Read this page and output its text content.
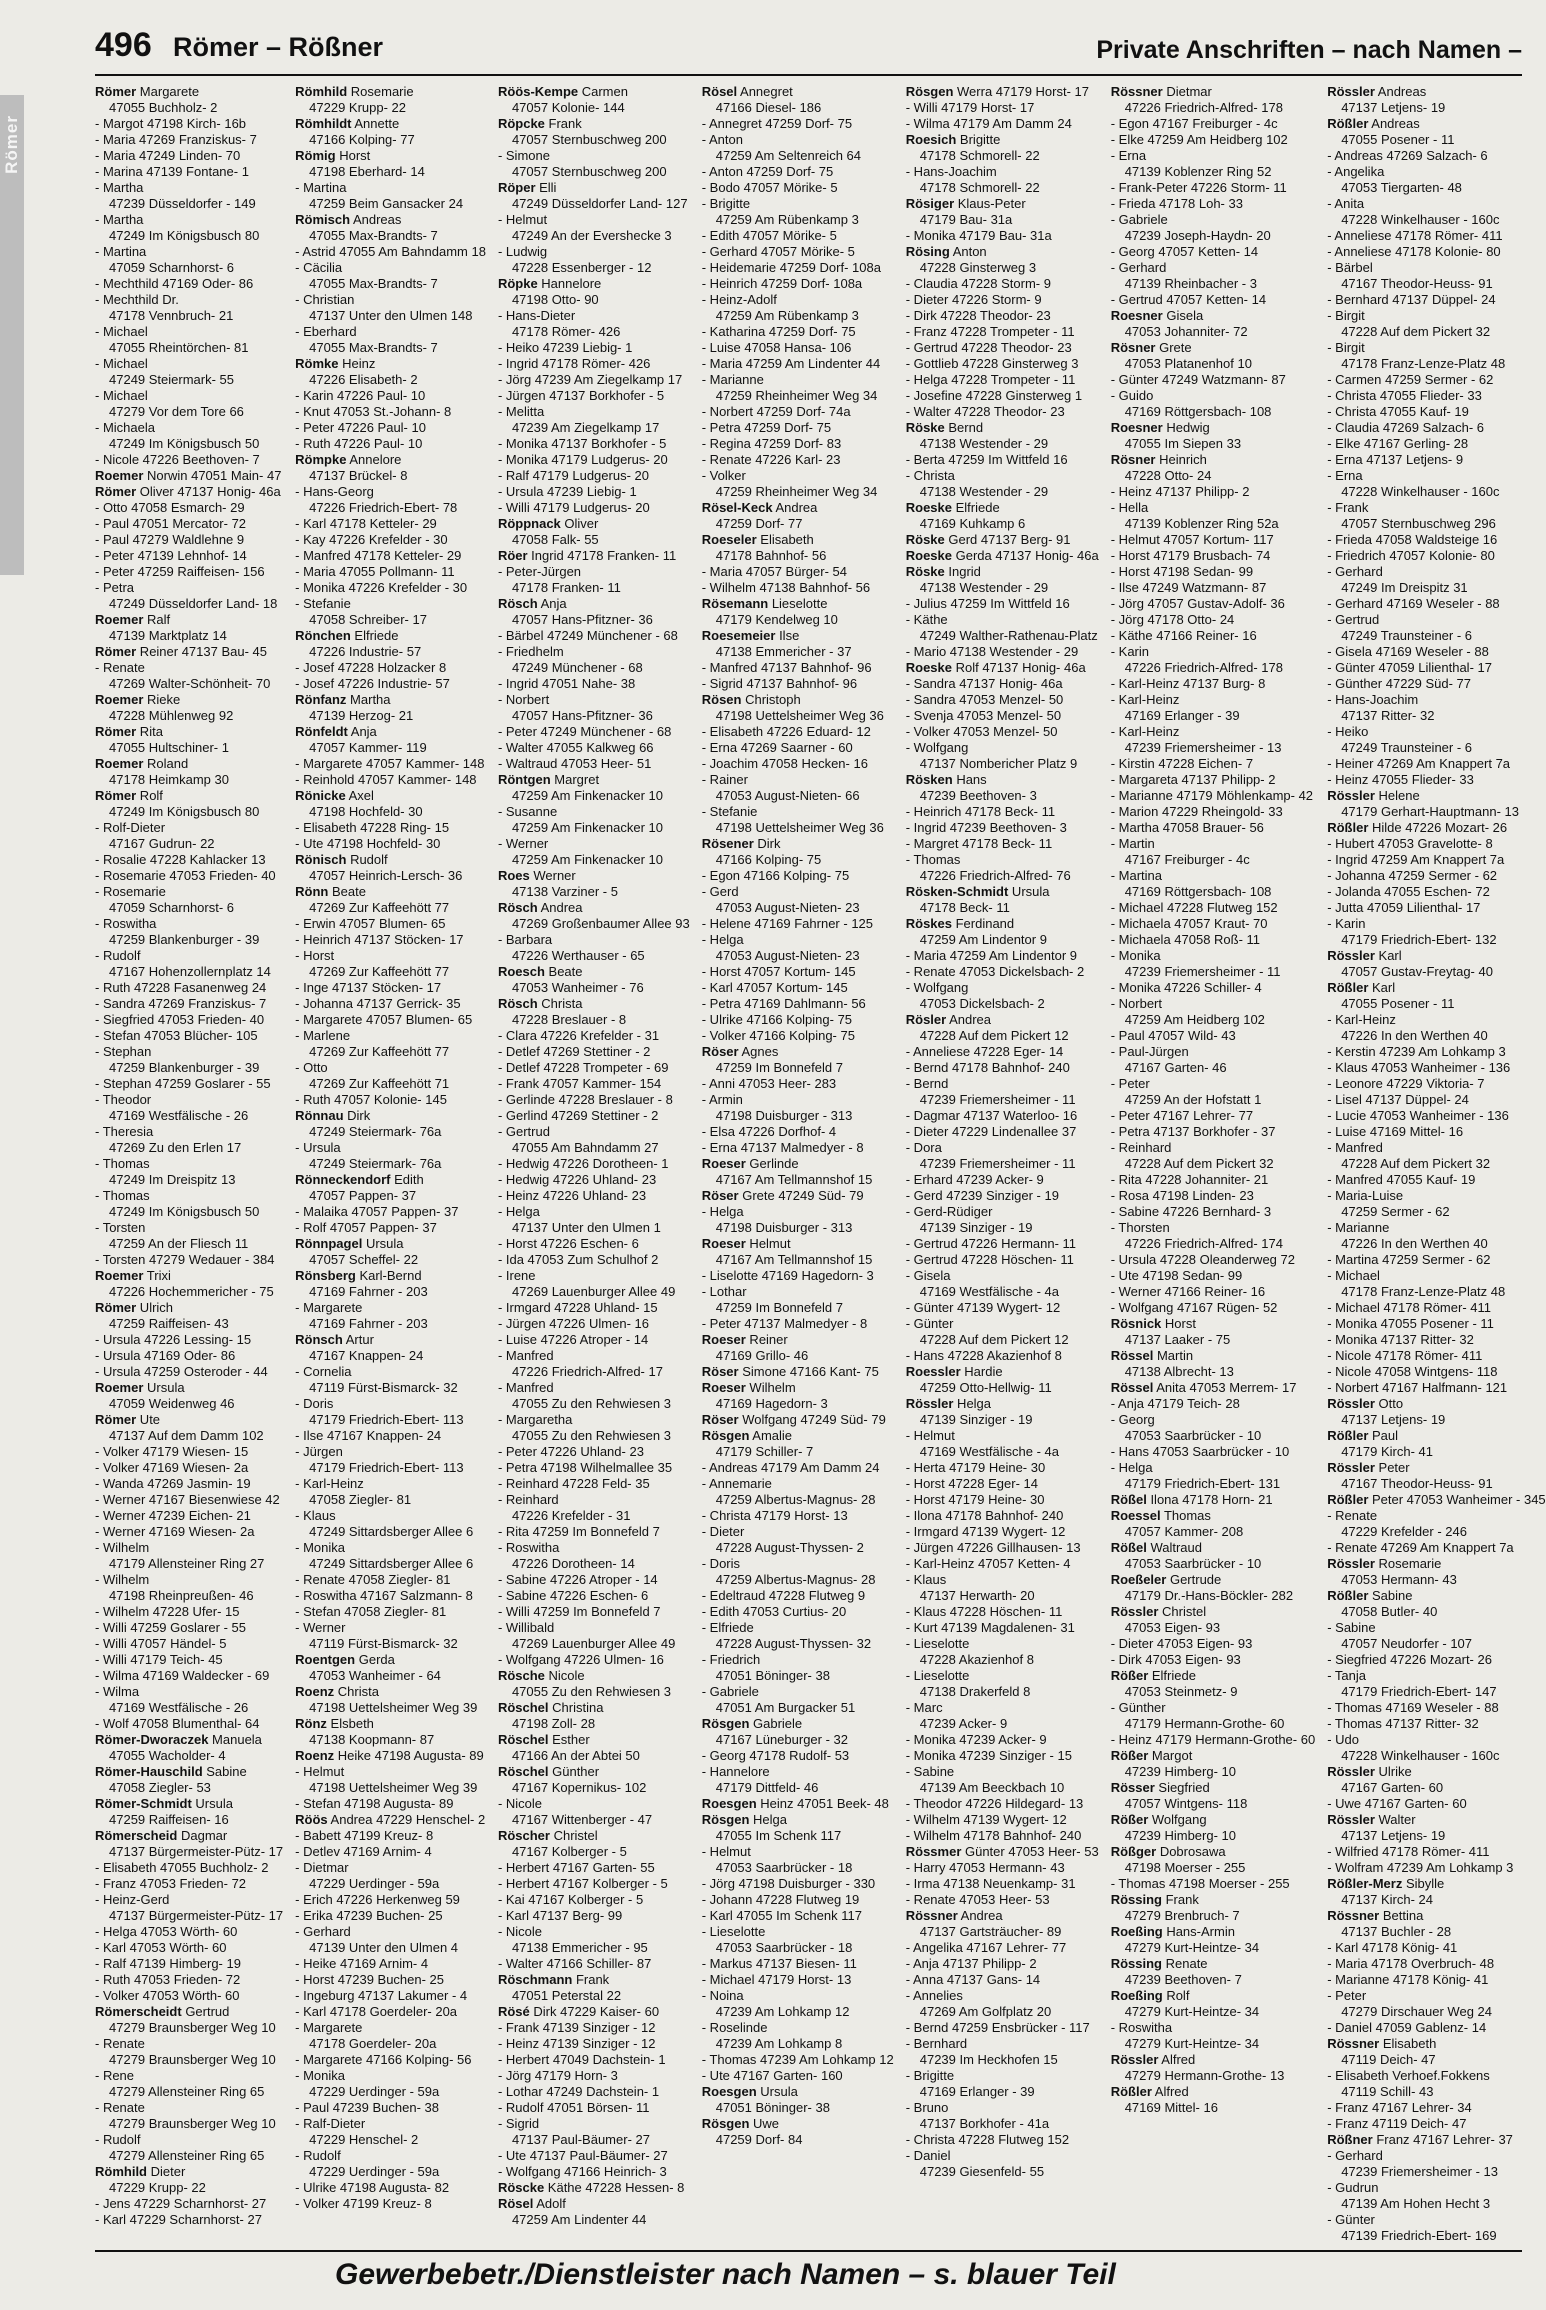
Römer
496 Römer – Rößner	Private Anschriften – nach Namen –
Römer Margarete
47055 Buchholz- 2
- Margot 47198 Kirch- 16b
- Maria 47269 Franziskus- 7
- Maria 47249 Linden- 70
- Marina 47139 Fontane- 1
- Martha
47239 Düsseldorfer - 149
- Martha
47249 Im Königsbusch 80
- Martina
47059 Scharnhorst- 6
- Mechthild 47169 Oder- 86
- Mechthild Dr.
47178 Vennbruch- 21
- Michael
47055 Rheintörchen- 81
- Michael
47249 Steiermark- 55
- Michael
47279 Vor dem Tore 66
- Michaela
47249 Im Königsbusch 50
- Nicole 47226 Beethoven- 7
Roemer Norwin 47051 Main- 47
Römer Oliver 47137 Honig- 46a
- Otto 47058 Esmarch- 29
- Paul 47051 Mercator- 72
- Paul 47279 Waldlehne 9
- Peter 47139 Lehnhof- 14
- Peter 47259 Raiffeisen- 156
- Petra
47249 Düsseldorfer Land- 18
Roemer Ralf
47139 Marktplatz 14
Römer Reiner 47137 Bau- 45
- Renate
47269 Walter-Schönheit- 70
Roemer Rieke
47228 Mühlenweg 92
Römer Rita
47055 Hultschiner- 1
Roemer Roland
47178 Heimkamp 30
Römer Rolf
47249 Im Königsbusch 80
- Rolf-Dieter
47167 Gudrun- 22
- Rosalie 47228 Kahlacker 13
- Rosemarie 47053 Frieden- 40
- Rosemarie
47059 Scharnhorst- 6
- Roswitha
47259 Blankenburger - 39
- Rudolf
47167 Hohenzollernplatz 14
- Ruth 47228 Fasanenweg 24
- Sandra 47269 Franziskus- 7
- Siegfried 47053 Frieden- 40
- Stefan 47053 Blücher- 105
- Stephan
47259 Blankenburger - 39
- Stephan 47259 Goslarer - 55
- Theodor
47169 Westfälische - 26
- Theresia
47269 Zu den Erlen 17
- Thomas
47249 Im Dreispitz 13
- Thomas
47249 Im Königsbusch 50
- Torsten
47259 An der Fliesch 11
- Torsten 47279 Wedauer - 384
Roemer Trixi
47226 Hochemmericher - 75
Römer Ulrich
47259 Raiffeisen- 43
- Ursula 47226 Lessing- 15
- Ursula 47169 Oder- 86
- Ursula 47259 Osteroder - 44
Roemer Ursula
47059 Weidenweg 46
Römer Ute
47137 Auf dem Damm 102
- Volker 47179 Wiesen- 15
- Volker 47169 Wiesen- 2a
- Wanda 47269 Jasmin- 19
- Werner 47167 Biesenwiese 42
- Werner 47239 Eichen- 21
- Werner 47169 Wiesen- 2a
- Wilhelm
47179 Allensteiner Ring 27
- Wilhelm
47198 Rheinpreußen- 46
- Wilhelm 47228 Ufer- 15
- Willi 47259 Goslarer - 55
- Willi 47057 Händel- 5
- Willi 47179 Teich- 45
- Wilma 47169 Waldecker - 69
- Wilma
47169 Westfälische - 26
- Wolf 47058 Blumenthal- 64
Römer-Dworaczek Manuela
47055 Wacholder- 4
Römer-Hauschild Sabine
47058 Ziegler- 53
Römer-Schmidt Ursula
47259 Raiffeisen- 16
Römerscheid Dagmar
47137 Bürgermeister-Pütz- 17
- Elisabeth 47055 Buchholz- 2
- Franz 47053 Frieden- 72
- Heinz-Gerd
47137 Bürgermeister-Pütz- 17
- Helga 47053 Wörth- 60
- Karl 47053 Wörth- 60
- Ralf 47139 Himberg- 19
- Ruth 47053 Frieden- 72
- Volker 47053 Wörth- 60
Römerscheidt Gertrud
47279 Braunsberger Weg 10
- Renate
47279 Braunsberger Weg 10
- Rene
47279 Allensteiner Ring 65
- Renate
47279 Braunsberger Weg 10
- Rudolf
47279 Allensteiner Ring 65
Römhild Dieter
47229 Krupp- 22
- Jens 47229 Scharnhorst- 27
- Karl 47229 Scharnhorst- 27
Römhild Rosemarie
47229 Krupp- 22
Römhildt Annette
47166 Kolping- 77
Römig Horst
47198 Eberhard- 14
- Martina
47259 Beim Gansacker 24
Römisch Andreas
47055 Max-Brandts- 7
- Astrid 47055 Am Bahndamm 18
- Cäcilia
47055 Max-Brandts- 7
- Christian
47137 Unter den Ulmen 148
- Eberhard
47055 Max-Brandts- 7
Römke Heinz
47226 Elisabeth- 2
- Karin 47226 Paul- 10
- Knut 47053 St.-Johann- 8
- Peter 47226 Paul- 10
- Ruth 47226 Paul- 10
Römpke Annelore
47137 Brückel- 8
- Hans-Georg
47226 Friedrich-Ebert- 78
- Karl 47178 Ketteler- 29
- Kay 47226 Krefelder - 30
- Manfred 47178 Ketteler- 29
- Maria 47055 Pollmann- 11
- Monika 47226 Krefelder - 30
- Stefanie
47058 Schreiber- 17
Rönchen Elfriede
47226 Industrie- 57
- Josef 47228 Holzacker 8
- Josef 47226 Industrie- 57
Rönfanz Martha
47139 Herzog- 21
Rönfeldt Anja
47057 Kammer- 119
- Margarete 47057 Kammer- 148
- Reinhold 47057 Kammer- 148
Rönicke Axel
47198 Hochfeld- 30
- Elisabeth 47228 Ring- 15
- Ute 47198 Hochfeld- 30
Rönisch Rudolf
47057 Heinrich-Lersch- 36
Rönn Beate
47269 Zur Kaffeehött 77
- Erwin 47057 Blumen- 65
- Heinrich 47137 Stöcken- 17
- Horst
47269 Zur Kaffeehött 77
- Inge 47137 Stöcken- 17
- Johanna 47137 Gerrick- 35
- Margarete 47057 Blumen- 65
- Marlene
47269 Zur Kaffeehött 77
- Otto
47269 Zur Kaffeehött 71
- Ruth 47057 Kolonie- 145
Rönnau Dirk
47249 Steiermark- 76a
- Ursula
47249 Steiermark- 76a
Rönneckendorf Edith
47057 Pappen- 37
- Malaika 47057 Pappen- 37
- Rolf 47057 Pappen- 37
Rönnpagel Ursula
47057 Scheffel- 22
Rönsberg Karl-Bernd
47169 Fahrner - 203
- Margarete
47169 Fahrner - 203
Rönsch Artur
47167 Knappen- 24
- Cornelia
47119 Fürst-Bismarck- 32
- Doris
47179 Friedrich-Ebert- 113
- Ilse 47167 Knappen- 24
- Jürgen
47179 Friedrich-Ebert- 113
- Karl-Heinz
47058 Ziegler- 81
- Klaus
47249 Sittardsberger Allee 6
- Monika
47249 Sittardsberger Allee 6
- Renate 47058 Ziegler- 81
- Roswitha 47167 Salzmann- 8
- Stefan 47058 Ziegler- 81
- Werner
47119 Fürst-Bismarck- 32
Roentgen Gerda
47053 Wanheimer - 64
Roenz Christa
47198 Uettelsheimer Weg 39
Rönz Elsbeth
47138 Koopmann- 87
Roenz Heike 47198 Augusta- 89
- Helmut
47198 Uettelsheimer Weg 39
- Stefan 47198 Augusta- 89
Röös Andrea 47229 Henschel- 2
- Babett 47199 Kreuz- 8
- Detlev 47169 Arnim- 4
- Dietmar
47229 Uerdinger - 59a
- Erich 47226 Herkenweg 59
- Erika 47239 Buchen- 25
- Gerhard
47139 Unter den Ulmen 4
- Heike 47169 Arnim- 4
- Horst 47239 Buchen- 25
- Ingeburg 47137 Lakumer - 4
- Karl 47178 Goerdeler- 20a
- Margarete
47178 Goerdeler- 20a
- Margarete 47166 Kolping- 56
- Monika
47229 Uerdinger - 59a
- Paul 47239 Buchen- 38
- Ralf-Dieter
47229 Henschel- 2
- Rudolf
47229 Uerdinger - 59a
- Ulrike 47198 Augusta- 82
- Volker 47199 Kreuz- 8
Röös-Kempe Carmen
47057 Kolonie- 144
Röpcke Frank
47057 Sternbuschweg 200
- Simone
47057 Sternbuschweg 200
Röper Elli
47249 Düsseldorfer Land- 127
- Helmut
47249 An der Evershecke 3
- Ludwig
47228 Essenberger - 12
Röpke Hannelore
47198 Otto- 90
- Hans-Dieter
47178 Römer- 426
- Heiko 47239 Liebig- 1
- Ingrid 47178 Römer- 426
- Jörg 47239 Am Ziegelkamp 17
- Jürgen 47137 Borkhofer - 5
- Melitta
47239 Am Ziegelkamp 17
- Monika 47137 Borkhofer - 5
- Monika 47179 Ludgerus- 20
- Ralf 47179 Ludgerus- 20
- Ursula 47239 Liebig- 1
- Willi 47179 Ludgerus- 20
Röppnack Oliver
47058 Falk- 55
Röer Ingrid 47178 Franken- 11
- Peter-Jürgen
47178 Franken- 11
Rösch Anja
47057 Hans-Pfitzner- 36
- Bärbel 47249 Münchener - 68
- Friedhelm
47249 Münchener - 68
- Ingrid 47051 Nahe- 38
- Norbert
47057 Hans-Pfitzner- 36
- Peter 47249 Münchener - 68
- Walter 47055 Kalkweg 66
- Waltraud 47053 Heer- 51
Röntgen Margret
47259 Am Finkenacker 10
- Susanne
47259 Am Finkenacker 10
- Werner
47259 Am Finkenacker 10
Roes Werner
47138 Varziner - 5
Rösch Andrea
47269 Großenbaumer Allee 93
- Barbara
47226 Werthauser - 65
Roesch Beate
47053 Wanheimer - 76
Rösch Christa
47228 Breslauer - 8
- Clara 47226 Krefelder - 31
- Detlef 47269 Stettiner - 2
- Detlef 47228 Trompeter - 69
- Frank 47057 Kammer- 154
- Gerlinde 47228 Breslauer - 8
- Gerlind 47269 Stettiner - 2
- Gertrud
47055 Am Bahndamm 27
- Hedwig 47226 Dorotheen- 1
- Hedwig 47226 Uhland- 23
- Heinz 47226 Uhland- 23
- Helga
47137 Unter den Ulmen 1
- Horst 47226 Eschen- 6
- Ida 47053 Zum Schulhof 2
- Irene
47269 Lauenburger Allee 49
- Irmgard 47228 Uhland- 15
- Jürgen 47226 Ulmen- 16
- Luise 47226 Atroper - 14
- Manfred
47226 Friedrich-Alfred- 17
- Manfred
47055 Zu den Rehwiesen 3
- Margaretha
47055 Zu den Rehwiesen 3
- Peter 47226 Uhland- 23
- Petra 47198 Wilhelmallee 35
- Reinhard 47228 Feld- 35
- Reinhard
47226 Krefelder - 31
- Rita 47259 Im Bonnefeld 7
- Roswitha
47226 Dorotheen- 14
- Sabine 47226 Atroper - 14
- Sabine 47226 Eschen- 6
- Willi 47259 Im Bonnefeld 7
- Willibald
47269 Lauenburger Allee 49
- Wolfgang 47226 Ulmen- 16
Rösche Nicole
47055 Zu den Rehwiesen 3
Röschel Christina
47198 Zoll- 28
Röschel Esther
47166 An der Abtei 50
Röschel Günther
47167 Kopernikus- 102
- Nicole
47167 Wittenberger - 47
Röscher Christel
47167 Kolberger - 5
- Herbert 47167 Garten- 55
- Herbert 47167 Kolberger - 5
- Kai 47167 Kolberger - 5
- Karl 47137 Berg- 99
- Nicole
47138 Emmericher - 95
- Walter 47166 Schiller- 87
Röschmann Frank
47051 Peterstal 22
Rösé Dirk 47229 Kaiser- 60
- Frank 47139 Sinziger - 12
- Heinz 47139 Sinziger - 12
- Herbert 47049 Dachstein- 1
- Jörg 47179 Horn- 3
- Lothar 47249 Dachstein- 1
- Rudolf 47051 Börsen- 11
- Sigrid
47137 Paul-Bäumer- 27
- Ute 47137 Paul-Bäumer- 27
- Wolfgang 47166 Heinrich- 3
Röscke Käthe 47228 Hessen- 8
Rösel Adolf
47259 Am Lindenter 44
Rösel Annegret
47166 Diesel- 186
- Annegret 47259 Dorf- 75
- Anton
47259 Am Seltenreich 64
- Anton 47259 Dorf- 75
- Bodo 47057 Mörike- 5
- Brigitte
47259 Am Rübenkamp 3
- Edith 47057 Mörike- 5
- Gerhard 47057 Mörike- 5
- Heidemarie 47259 Dorf- 108a
- Heinrich 47259 Dorf- 108a
- Heinz-Adolf
47259 Am Rübenkamp 3
- Katharina 47259 Dorf- 75
- Luise 47058 Hansa- 106
- Maria 47259 Am Lindenter 44
- Marianne
47259 Rheinheimer Weg 34
- Norbert 47259 Dorf- 74a
- Petra 47259 Dorf- 75
- Regina 47259 Dorf- 83
- Renate 47226 Karl- 23
- Volker
47259 Rheinheimer Weg 34
Rösel-Keck Andrea
47259 Dorf- 77
Roeseler Elisabeth
47178 Bahnhof- 56
- Maria 47057 Bürger- 54
- Wilhelm 47138 Bahnhof- 56
Rösemann Lieselotte
47179 Kendelweg 10
Roesemeier Ilse
47138 Emmericher - 37
- Manfred 47137 Bahnhof- 96
- Sigrid 47137 Bahnhof- 96
Rösen Christoph
47198 Uettelsheimer Weg 36
- Elisabeth 47226 Eduard- 12
- Erna 47269 Saarner - 60
- Joachim 47058 Hecken- 16
- Rainer
47053 August-Nieten- 66
- Stefanie
47198 Uettelsheimer Weg 36
Rösener Dirk
47166 Kolping- 75
- Egon 47166 Kolping- 75
- Gerd
47053 August-Nieten- 23
- Helene 47169 Fahrner - 125
- Helga
47053 August-Nieten- 23
- Horst 47057 Kortum- 145
- Karl 47057 Kortum- 145
- Petra 47169 Dahlmann- 56
- Ulrike 47166 Kolping- 75
- Volker 47166 Kolping- 75
Röser Agnes
47259 Im Bonnefeld 7
- Anni 47053 Heer- 283
- Armin
47198 Duisburger - 313
- Elsa 47226 Dorfhof- 4
- Erna 47137 Malmedyer - 8
Roeser Gerlinde
47167 Am Tellmannshof 15
Röser Grete 47249 Süd- 79
- Helga
47198 Duisburger - 313
Roeser Helmut
47167 Am Tellmannshof 15
- Liselotte 47169 Hagedorn- 3
- Lothar
47259 Im Bonnefeld 7
- Peter 47137 Malmedyer - 8
Roeser Reiner
47169 Grillo- 46
Röser Simone 47166 Kant- 75
Roeser Wilhelm
47169 Hagedorn- 3
Röser Wolfgang 47249 Süd- 79
Rösgen Amalie
47179 Schiller- 7
- Andreas 47179 Am Damm 24
- Annemarie
47259 Albertus-Magnus- 28
- Christa 47179 Horst- 13
- Dieter
47228 August-Thyssen- 2
- Doris
47259 Albertus-Magnus- 28
- Edeltraud 47228 Flutweg 9
- Edith 47053 Curtius- 20
- Elfriede
47228 August-Thyssen- 32
- Friedrich
47051 Böninger- 38
- Gabriele
47051 Am Burgacker 51
Rösgen Gabriele
47167 Lüneburger - 32
- Georg 47178 Rudolf- 53
- Hannelore
47179 Dittfeld- 46
Roesgen Heinz 47051 Beek- 48
Rösgen Helga
47055 Im Schenk 117
- Helmut
47053 Saarbrücker - 18
- Jörg 47198 Duisburger - 330
- Johann 47228 Flutweg 19
- Karl 47055 Im Schenk 117
- Lieselotte
47053 Saarbrücker - 18
- Markus 47137 Biesen- 11
- Michael 47179 Horst- 13
- Noina
47239 Am Lohkamp 12
- Roselinde
47239 Am Lohkamp 8
- Thomas 47239 Am Lohkamp 12
- Ute 47167 Garten- 160
Roesgen Ursula
47051 Böninger- 38
Rösgen Uwe
47259 Dorf- 84
Rösgen Werra 47179 Horst- 17
- Willi 47179 Horst- 17
- Wilma 47179 Am Damm 24
Roesich Brigitte
47178 Schmorell- 22
- Hans-Joachim
47178 Schmorell- 22
Rösiger Klaus-Peter
47179 Bau- 31a
- Monika 47179 Bau- 31a
Rösing Anton
47228 Ginsterweg 3
- Claudia 47228 Storm- 9
- Dieter 47226 Storm- 9
- Dirk 47228 Theodor- 23
- Franz 47228 Trompeter - 11
- Gertrud 47228 Theodor- 23
- Gottlieb 47228 Ginsterweg 3
- Helga 47228 Trompeter - 11
- Josefine 47228 Ginsterweg 1
- Walter 47228 Theodor- 23
Röske Bernd
47138 Westender - 29
- Berta 47259 Im Wittfeld 16
- Christa
47138 Westender - 29
Roeske Elfriede
47169 Kuhkamp 6
Röske Gerd 47137 Berg- 91
Roeske Gerda 47137 Honig- 46a
Röske Ingrid
47138 Westender - 29
- Julius 47259 Im Wittfeld 16
- Käthe
47249 Walther-Rathenau-Platz
- Mario 47138 Westender - 29
Roeske Rolf 47137 Honig- 46a
- Sandra 47137 Honig- 46a
- Sandra 47053 Menzel- 50
- Svenja 47053 Menzel- 50
- Volker 47053 Menzel- 50
- Wolfgang
47137 Nombericher Platz 9
Rösken Hans
47239 Beethoven- 3
- Heinrich 47178 Beck- 11
- Ingrid 47239 Beethoven- 3
- Margret 47178 Beck- 11
- Thomas
47226 Friedrich-Alfred- 76
Rösken-Schmidt Ursula
47178 Beck- 11
Röskes Ferdinand
47259 Am Lindentor 9
- Maria 47259 Am Lindentor 9
- Renate 47053 Dickelsbach- 2
- Wolfgang
47053 Dickelsbach- 2
Rösler Andrea
47228 Auf dem Pickert 12
- Anneliese 47228 Eger- 14
- Bernd 47178 Bahnhof- 240
- Bernd
47239 Friemersheimer - 11
- Dagmar 47137 Waterloo- 16
- Dieter 47229 Lindenallee 37
- Dora
47239 Friemersheimer - 11
- Erhard 47239 Acker- 9
- Gerd 47239 Sinziger - 19
- Gerd-Rüdiger
47139 Sinziger - 19
- Gertrud 47226 Hermann- 11
- Gertrud 47228 Höschen- 11
- Gisela
47169 Westfälische - 4a
- Günter 47139 Wygert- 12
- Günter
47228 Auf dem Pickert 12
- Hans 47228 Akazienhof 8
Roessler Hardie
47259 Otto-Hellwig- 11
Rössler Helga
47139 Sinziger - 19
- Helmut
47169 Westfälische - 4a
- Herta 47179 Heine- 30
- Horst 47228 Eger- 14
- Horst 47179 Heine- 30
- Ilona 47178 Bahnhof- 240
- Irmgard 47139 Wygert- 12
- Jürgen 47226 Gillhausen- 13
- Karl-Heinz 47057 Ketten- 4
- Klaus
47137 Herwarth- 20
- Klaus 47228 Höschen- 11
- Kurt 47139 Magdalenen- 31
- Lieselotte
47228 Akazienhof 8
- Lieselotte
47138 Drakerfeld 8
- Marc
47239 Acker- 9
- Monika 47239 Acker- 9
- Monika 47239 Sinziger - 15
- Sabine
47139 Am Beeckbach 10
- Theodor 47226 Hildegard- 13
- Wilhelm 47139 Wygert- 12
- Wilhelm 47178 Bahnhof- 240
Rössmer Günter 47053 Heer- 53
- Harry 47053 Hermann- 43
- Irma 47138 Neuenkamp- 31
- Renate 47053 Heer- 53
Rössner Andrea
47137 Gartsträucher- 89
- Angelika 47167 Lehrer- 77
- Anja 47137 Philipp- 2
- Anna 47137 Gans- 14
- Annelies
47269 Am Golfplatz 20
- Bernd 47259 Ensbrücker - 117
- Bernhard
47239 Im Heckhofen 15
- Brigitte
47169 Erlanger - 39
- Bruno
47137 Borkhofer - 41a
- Christa 47228 Flutweg 152
- Daniel
47239 Giesenfeld- 55
Rössner Dietmar
47226 Friedrich-Alfred- 178
- Egon 47167 Freiburger - 4c
- Elke 47259 Am Heidberg 102
- Erna
47139 Koblenzer Ring 52
- Frank-Peter 47226 Storm- 11
- Frieda 47178 Loh- 33
- Gabriele
47239 Joseph-Haydn- 20
- Georg 47057 Ketten- 14
- Gerhard
47139 Rheinbacher - 3
- Gertrud 47057 Ketten- 14
Roesner Gisela
47053 Johanniter- 72
Rösner Grete
47053 Platanenhof 10
- Günter 47249 Watzmann- 87
- Guido
47169 Röttgersbach- 108
Roesner Hedwig
47055 Im Siepen 33
Rösner Heinrich
47228 Otto- 24
- Heinz 47137 Philipp- 2
- Hella
47139 Koblenzer Ring 52a
- Helmut 47057 Kortum- 117
- Horst 47179 Brusbach- 74
- Horst 47198 Sedan- 99
- Ilse 47249 Watzmann- 87
- Jörg 47057 Gustav-Adolf- 36
- Jörg 47178 Otto- 24
- Käthe 47166 Reiner- 16
- Karin
47226 Friedrich-Alfred- 178
- Karl-Heinz 47137 Burg- 8
- Karl-Heinz
47169 Erlanger - 39
- Karl-Heinz
47239 Friemersheimer - 13
- Kirstin 47228 Eichen- 7
- Margareta 47137 Philipp- 2
- Marianne 47179 Möhlenkamp- 42
- Marion 47229 Rheingold- 33
- Martha 47058 Brauer- 56
- Martin
47167 Freiburger - 4c
- Martina
47169 Röttgersbach- 108
- Michael 47228 Flutweg 152
- Michaela 47057 Kraut- 70
- Michaela 47058 Roß- 11
- Monika
47239 Friemersheimer - 11
- Monika 47226 Schiller- 4
- Norbert
47259 Am Heidberg 102
- Paul 47057 Wild- 43
- Paul-Jürgen
47167 Garten- 46
- Peter
47259 An der Hofstatt 1
- Peter 47167 Lehrer- 77
- Petra 47137 Borkhofer - 37
- Reinhard
47228 Auf dem Pickert 32
- Rita 47228 Johanniter- 21
- Rosa 47198 Linden- 23
- Sabine 47226 Bernhard- 3
- Thorsten
47226 Friedrich-Alfred- 174
- Ursula 47228 Oleanderweg 72
- Ute 47198 Sedan- 99
- Werner 47166 Reiner- 16
- Wolfgang 47167 Rügen- 52
Rösnick Horst
47137 Laaker - 75
Rössel Martin
47138 Albrecht- 13
Rössel Anita 47053 Merrem- 17
- Anja 47179 Teich- 28
- Georg
47053 Saarbrücker - 10
- Hans 47053 Saarbrücker - 10
- Helga
47179 Friedrich-Ebert- 131
Rößel Ilona 47178 Horn- 21
Roessel Thomas
47057 Kammer- 208
Rößel Waltraud
47053 Saarbrücker - 10
Roeßeler Gertrude
47179 Dr.-Hans-Böckler- 282
Rössler Christel
47053 Eigen- 93
- Dieter 47053 Eigen- 93
- Dirk 47053 Eigen- 93
Rößer Elfriede
47053 Steinmetz- 9
- Günther
47179 Hermann-Grothe- 60
- Heinz 47179 Hermann-Grothe- 60
Rößer Margot
47239 Himberg- 10
Rösser Siegfried
47057 Wintgens- 118
Rößer Wolfgang
47239 Himberg- 10
Rößger Dobrosawa
47198 Moerser - 255
- Thomas 47198 Moerser - 255
Rössing Frank
47279 Brenbruch- 7
Roeßing Hans-Armin
47279 Kurt-Heintze- 34
Rössing Renate
47239 Beethoven- 7
Roeßing Rolf
47279 Kurt-Heintze- 34
- Roswitha
47279 Kurt-Heintze- 34
Rössler Alfred
47279 Hermann-Grothe- 13
Rößler Alfred
47169 Mittel- 16
Rössler Andreas
47137 Letjens- 19
Rößler Andreas
47055 Posener - 11
- Andreas 47269 Salzach- 6
- Angelika
47053 Tiergarten- 48
- Anita
47228 Winkelhauser - 160c
- Anneliese 47178 Römer- 411
- Anneliese 47178 Kolonie- 80
- Bärbel
47167 Theodor-Heuss- 91
- Bernhard 47137 Düppel- 24
- Birgit
47228 Auf dem Pickert 32
- Birgit
47178 Franz-Lenze-Platz 48
- Carmen 47259 Sermer - 62
- Christa 47055 Flieder- 33
- Christa 47055 Kauf- 19
- Claudia 47269 Salzach- 6
- Elke 47167 Gerling- 28
- Erna 47137 Letjens- 9
- Erna
47228 Winkelhauser - 160c
- Frank
47057 Sternbuschweg 296
- Frieda 47058 Waldsteige 16
- Friedrich 47057 Kolonie- 80
- Gerhard
47249 Im Dreispitz 31
- Gerhard 47169 Weseler - 88
- Gertrud
47249 Traunsteiner - 6
- Gisela 47169 Weseler - 88
- Günter 47059 Lilienthal- 17
- Günther 47229 Süd- 77
- Hans-Joachim
47137 Ritter- 32
- Heiko
47249 Traunsteiner - 6
- Heiner 47269 Am Knappert 7a
- Heinz 47055 Flieder- 33
Rössler Helene
47179 Gerhart-Hauptmann- 13
Rößler Hilde 47226 Mozart- 26
- Hubert 47053 Gravelotte- 8
- Ingrid 47259 Am Knappert 7a
- Johanna 47259 Sermer - 62
- Jolanda 47055 Eschen- 72
- Jutta 47059 Lilienthal- 17
- Karin
47179 Friedrich-Ebert- 132
Rössler Karl
47057 Gustav-Freytag- 40
Rößler Karl
47055 Posener - 11
- Karl-Heinz
47226 In den Werthen 40
- Kerstin 47239 Am Lohkamp 3
- Klaus 47053 Wanheimer - 136
- Leonore 47229 Viktoria- 7
- Lisel 47137 Düppel- 24
- Lucie 47053 Wanheimer - 136
- Luise 47169 Mittel- 16
- Manfred
47228 Auf dem Pickert 32
- Manfred 47055 Kauf- 19
- Maria-Luise
47259 Sermer - 62
- Marianne
47226 In den Werthen 40
- Martina 47259 Sermer - 62
- Michael
47178 Franz-Lenze-Platz 48
- Michael 47178 Römer- 411
- Monika 47055 Posener - 11
- Monika 47137 Ritter- 32
- Nicole 47178 Römer- 411
- Nicole 47058 Wintgens- 118
- Norbert 47167 Halfmann- 121
Rössler Otto
47137 Letjens- 19
Rößler Paul
47179 Kirch- 41
Rössler Peter
47167 Theodor-Heuss- 91
Rößler Peter 47053 Wanheimer - 345
- Renate
47229 Krefelder - 246
- Renate 47269 Am Knappert 7a
Rössler Rosemarie
47053 Hermann- 43
Rößler Sabine
47058 Butler- 40
- Sabine
47057 Neudorfer - 107
- Siegfried 47226 Mozart- 26
- Tanja
47179 Friedrich-Ebert- 147
- Thomas 47169 Weseler - 88
- Thomas 47137 Ritter- 32
- Udo
47228 Winkelhauser - 160c
Rössler Ulrike
47167 Garten- 60
- Uwe 47167 Garten- 60
Rössler Walter
47137 Letjens- 19
- Wilfried 47178 Römer- 411
- Wolfram 47239 Am Lohkamp 3
Rößler-Merz Sibylle
47137 Kirch- 24
Rössner Bettina
47137 Buchler - 28
- Karl 47178 König- 41
- Maria 47178 Overbruch- 48
- Marianne 47178 König- 41
- Peter
47279 Dirschauer Weg 24
- Daniel 47059 Gablenz- 14
Rössner Elisabeth
47119 Deich- 47
- Elisabeth Verhoef.Fokkens
47119 Schill- 43
- Franz 47167 Lehrer- 34
- Franz 47119 Deich- 47
Rößner Franz 47167 Lehrer- 37
- Gerhard
47239 Friemersheimer - 13
- Gudrun
47139 Am Hohen Hecht 3
- Günter
47139 Friedrich-Ebert- 169
Gewerbebetr./Dienstleister nach Namen – s. blauer Teil
